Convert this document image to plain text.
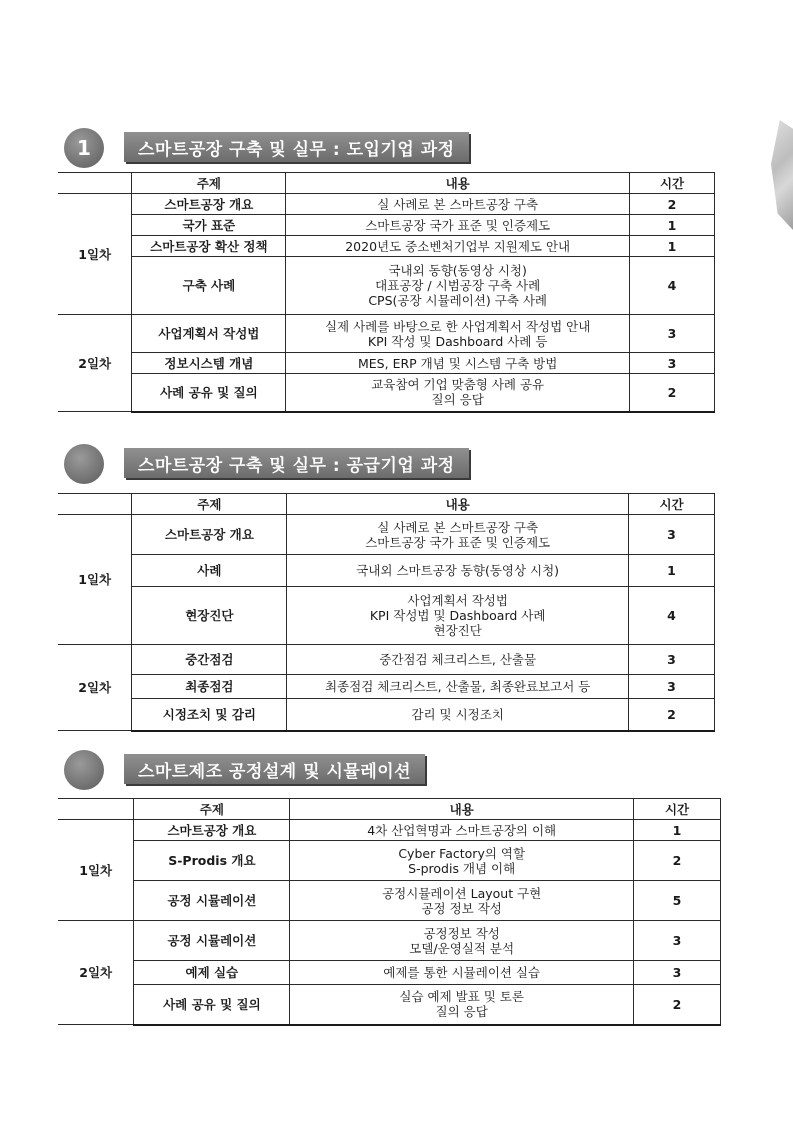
1	스마트공장 구축 및 실무 : 도입기업 과정
	주제	내용	시간
1일차	스마트공장 개요	실 사례로 본 스마트공장 구축	2
	국가 표준	스마트공장 국가 표준 및 인증제도	1
	스마트공장 확산 정책	2020년도 중소벤처기업부 지원제도 안내	1
	구축 사례	국내외 동향(동영상 시청)
대표공장 / 시범공장 구축 사례
CPS(공장 시뮬레이션) 구축 사례	4
2일차	사업계획서 작성법	실제 사례를 바탕으로 한 사업계획서 작성법 안내
KPI 작성 및 Dashboard 사례 등	3
	정보시스템 개념	MES, ERP 개념 및 시스템 구축 방법	3
	사례 공유 및 질의	교육참여 기업 맞춤형 사례 공유
질의 응답	2
스마트공장 구축 및 실무 : 공급기업 과정
	주제	내용	시간
1일차	스마트공장 개요	실 사례로 본 스마트공장 구축
스마트공장 국가 표준 및 인증제도	3
	사례	국내외 스마트공장 동향(동영상 시청)	1
	현장진단	사업계획서 작성법
KPI 작성법 및 Dashboard 사례
현장진단	4
2일차	중간점검	중간점검 체크리스트, 산출물	3
	최종점검	최종점검 체크리스트, 산출물, 최종완료보고서 등	3
	시정조치 및 감리	감리 및 시정조치	2
스마트제조 공정설계 및 시뮬레이션
	주제	내용	시간
1일차	스마트공장 개요	4차 산업혁명과 스마트공장의 이해	1
	S-Prodis 개요	Cyber Factory의 역할
S-prodis 개념 이해	2
	공정 시뮬레이션	공정시뮬레이션 Layout 구현
공정 정보 작성	5
2일차	공정 시뮬레이션	공정정보 작성
모델/운영실적 분석	3
	예제 실습	예제를 통한 시뮬레이션 실습	3
	사례 공유 및 질의	실습 예제 발표 및 토론
질의 응답	2
